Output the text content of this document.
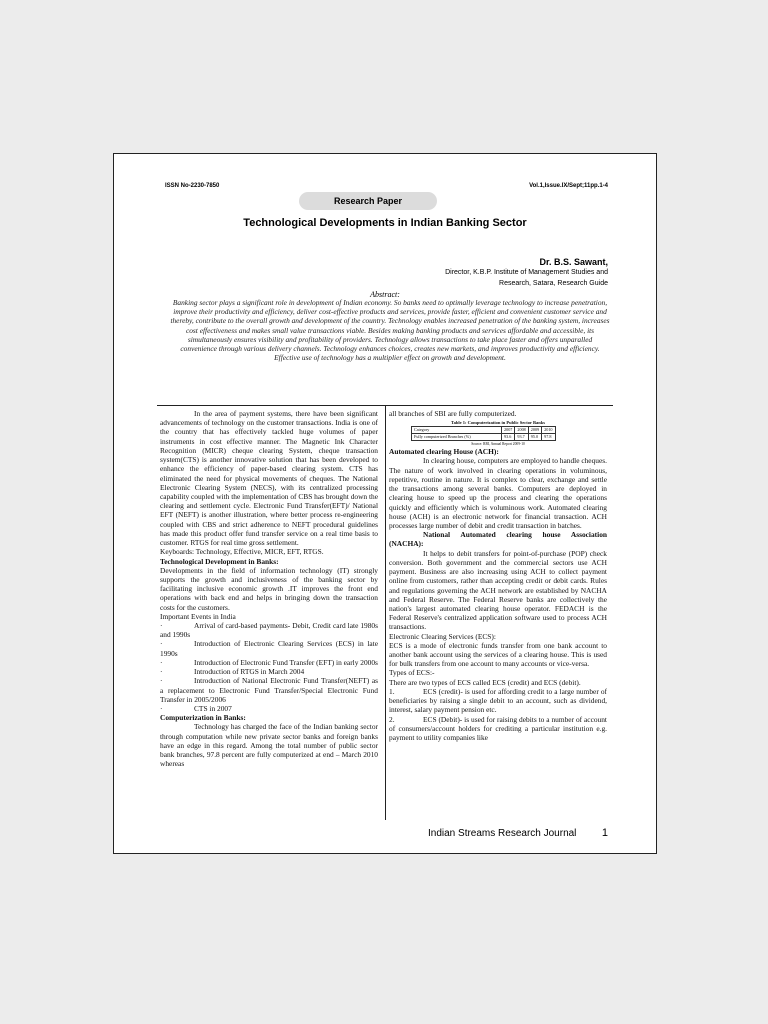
ISSN No-2230-7850	Vol.1,Issue.IX/Sept;11pp.1-4
Research Paper
Technological Developments in Indian Banking Sector
Dr. B.S. Sawant,
Director, K.B.P. Institute of Management Studies and
Research, Satara, Research Guide
Abstract:

Banking sector plays a significant role in development of Indian economy. So banks need to optimally leverage technology to increase penetration, improve their productivity and efficiency, deliver cost-effective products and services, provide faster, efficient and convenient customer service and thereby, contribute to the overall growth and development of the country. Technology enables increased penetration of the banking system, increases cost effectiveness and makes small value transactions viable. Besides making banking products and services affordable and accessible, its simultaneously ensures visibility and profitability of providers. Technology allows transactions to take place faster and offers unparalled convenience through various delivery channels. Technology enhances choices, creates new markets, and improves productivity and efficiency. Effective use of technology has a multiplier effect on growth and development.

In the area of payment systems, there have been significant advancements of technology on the customer transactions. India is one of the country that has effectively tackled huge volumes of paper instruments in cost effective manner. The Magnetic Ink Character Recognition (MICR) cheque clearing System, cheque transaction system(CTS) is another innovative solution that has been developed to enhance the efficiency of paper-based clearing system. CTS has eliminated the need for physical movements of cheques. The National Electronic Clearing System (NECS), with its centralized processing capability coupled with the implementation of CBS has brought down the clearing and settlement cycle. Electronic Fund Transfer(EFT)/ National EFT (NEFT) is another illustration, where better process re-engineering coupled with CBS and strict adherence to NEFT procedural guidelines has made this product offer fund transfer service on a real time basis to customer. RTGS for real time gross settlement.

Keyboards: Technology, Effective, MICR, EFT, RTGS.

Technological Development in Banks:

Developments in the field of information technology (IT) strongly supports the growth and inclusiveness of the banking sector by facilitating inclusive economic growth .IT improves the front end operations with back end and helps in bringing down the transaction costs for the customers.

Important Events in India

·	Arrival of card-based payments- Debit, Credit card late 1980s and 1990s

·	Introduction of Electronic Clearing Services (ECS) in late 1990s

·	Introduction of Electronic Fund Transfer (EFT) in early 2000s

·	Introduction of RTGS in March 2004

·	Introduction of National Electronic Fund Transfer(NEFT) as a replacement to Electronic Fund Transfer/Special Electronic Fund Transfer in 2005/2006

·	CTS in 2007

Computerization in Banks:

Technology has charged the face of the Indian banking sector through computation while new private sector banks and foreign banks have an edge in this regard. Among the total number of public sector bank branches, 97.8 percent are fully computerized at end – March 2010 whereas

all branches of SBI are fully computerized.

Table 1: Computerization in Public Sector Banks
Category	2007	2008	2009	2010
Fully computerized Branches (%)	93.6	93.7	95.0	97.8
Source: RBI, Annual Report 2009-10

Automated clearing House (ACH):

In clearing house, computers are employed to handle cheques. The nature of work involved in clearing operations in voluminous, repetitive, routine in nature. It is complex to clear, exchange and settle the transactions among several banks. Computers are deployed in clearing house to speed up the process and clearing the operations quickly and efficiently which is voluminous work. Automated clearing house (ACH) is an electronic network for financial transaction. ACH processes large number of debit and credit transaction in batches.

National Automated clearing house Association (NACHA):

It helps to debit transfers for point-of-purchase (POP) check conversion. Both government and the commercial sectors use ACH payment. Business are also increasing using ACH to collect payment online from customers, rather than accepting credit or debit cards. Rules and regulations governing the ACH network are established by NACHA and Federal Reserve. The Federal Reserve banks are collectively the nation's largest automated clearing house operator. FEDACH is the Federal Reserve's centralized application software used to process ACH transactions.

Electronic Clearing Services (ECS):

ECS is a mode of electronic funds transfer from one bank account to another bank account using the services of a clearing house. This is used for bulk transfers from one account to many accounts or vice-versa.

Types of ECS:-

There are two types of ECS called ECS (credit) and ECS (debit).

1.	ECS (credit)- is used for affording credit to a large number of beneficiaries by raising a single debit to an account, such as dividend, interest, salary payment pension etc.

2.	ECS (Debit)- is used for raising debits to a number of account of consumers/account holders for crediting a particular institution e.g. payment to utility companies like

Indian Streams Research Journal 1
